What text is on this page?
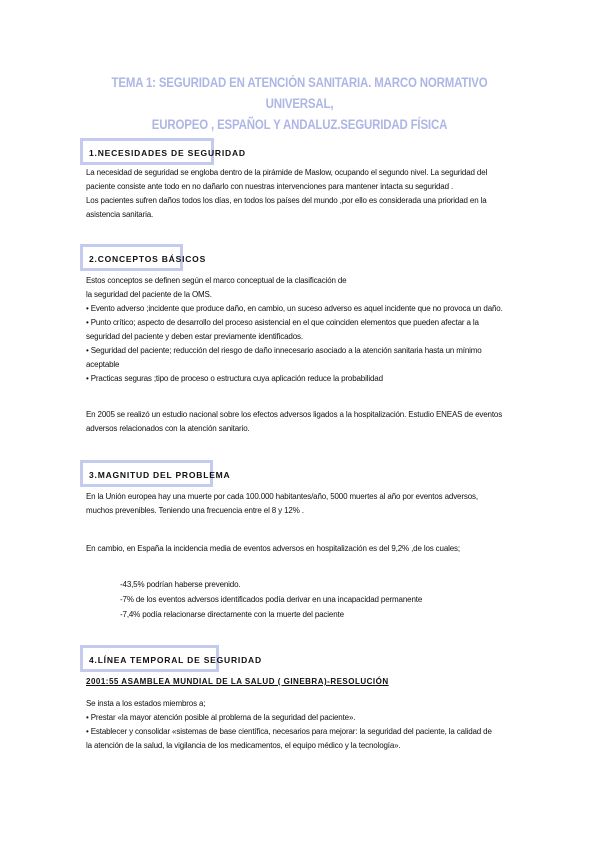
TEMA 1: SEGURIDAD EN ATENCIÓN SANITARIA. MARCO NORMATIVO UNIVERSAL,
EUROPEO , ESPAÑOL Y ANDALUZ.SEGURIDAD FÍSICA
1.NECESIDADES DE SEGURIDAD
La necesidad de seguridad se engloba dentro de la pirámide de Maslow, ocupando el segundo nivel. La seguridad del
paciente consiste ante todo en no dañarlo con nuestras intervenciones para mantener intacta su seguridad .
Los pacientes sufren daños todos los días, en todos los países del mundo ,por ello es considerada una prioridad en la
asistencia sanitaria.
2.CONCEPTOS BÁSICOS
Estos conceptos se definen según el marco conceptual de la clasificación de
la seguridad del paciente de la OMS.
• Evento adverso ;incidente que produce daño, en cambio, un suceso adverso es aquel incidente que no provoca un daño.
• Punto crítico; aspecto de desarrollo del proceso asistencial en el que coinciden elementos que pueden afectar a la
seguridad del paciente y deben estar previamente identificados.
• Seguridad del paciente; reducción del riesgo de daño innecesario asociado a la atención sanitaria hasta un mínimo
aceptable
• Practicas seguras ;tipo de proceso o estructura cuya aplicación reduce la probabilidad
En 2005 se realizó un estudio nacional sobre los efectos adversos ligados a la hospitalización. Estudio ENEAS de eventos
adversos relacionados con la atención sanitario.
3.MAGNITUD DEL PROBLEMA
En la Unión europea hay una muerte por cada 100.000 habitantes/año, 5000 muertes al año por eventos adversos,
muchos prevenibles. Teniendo una frecuencia entre el 8 y 12% .
En cambio, en España la incidencia media de eventos adversos en hospitalización es del 9,2% ,de los cuales;
-43,5% podrían haberse prevenido.
-7% de los eventos adversos identificados podía derivar en una incapacidad permanente
-7,4% podía relacionarse directamente con la muerte del paciente
4.LÍNEA TEMPORAL DE SEGURIDAD
2001:55 ASAMBLEA MUNDIAL DE LA SALUD ( GINEBRA)-RESOLUCIÓN
Se insta a los estados miembros a;
• Prestar «la mayor atención posible al problema de la seguridad del paciente».
• Establecer y consolidar «sistemas de base científica, necesarios para mejorar: la seguridad del paciente, la calidad de
la atención de la salud, la vigilancia de los medicamentos, el equipo médico y la tecnología».
